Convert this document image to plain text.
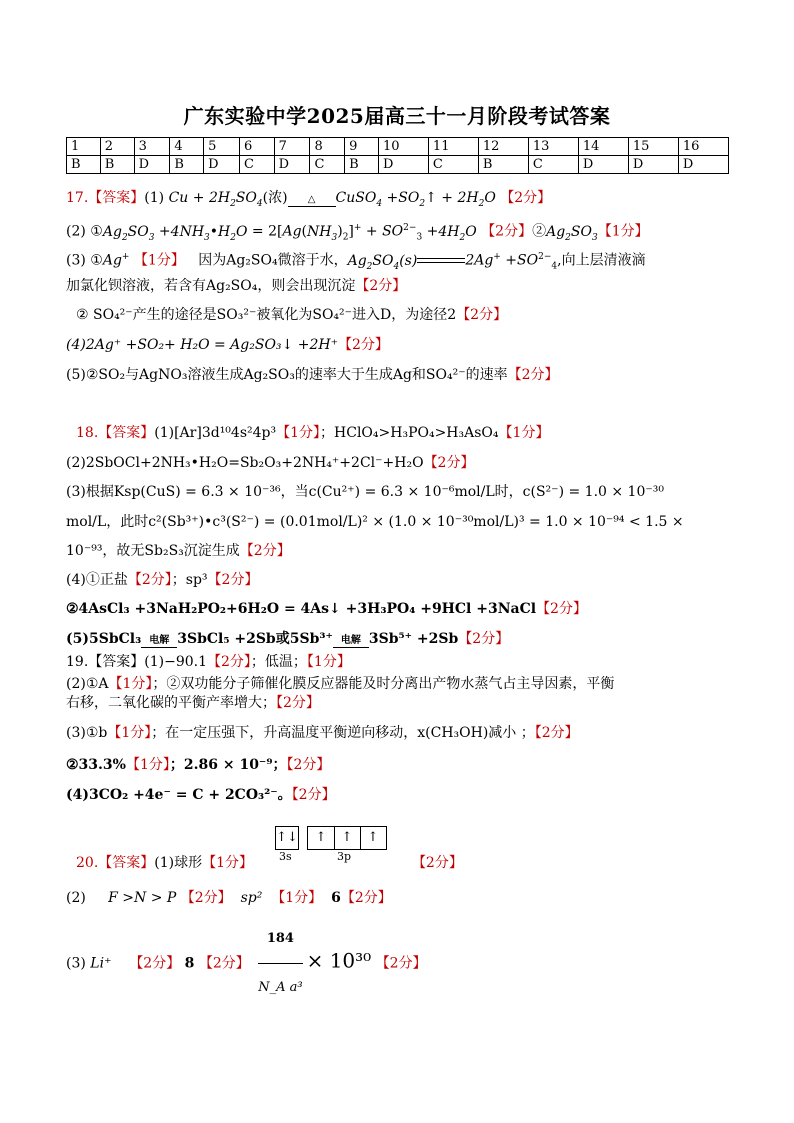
广东实验中学2025届高三十一月阶段考试答案
1	2	3	4	5	6	7	8	9	10	11	12	13	14	15	16
B	B	D	B	D	C	D	C	B	D	C	B	C	D	D	D
17.【答案】(1) $Cu + 2H_2SO_4$(浓)	△	CuSO$_4$ $+SO_2↑ + 2H_2O$ 【2分】
(2) $①Ag_2SO_3$ $+4NH_3•H_2O = 2[Ag(NH_3)_2]^+ + SO^{2-}_3 +4H_2O$ 【2分】$②Ag_2SO_3$【1分】
(3) ①Ag+ 【1分】 因为Ag₂SO₄微溶于水，$Ag_2SO_4(s)$	$2Ag^+ +SO^{2-}_4$,向上层清液滴
加氯化钡溶液，若含有Ag₂SO₄，则会出现沉淀【2分】
② SO₄²⁻产生的途径是SO₃²⁻被氧化为SO₄²⁻进入D，为途径2【2分】
(4)2Ag⁺ +SO₂+ H₂O = Ag₂SO₃↓ +2H⁺【2分】
(5)②SO₂与AgNO₃溶液生成Ag₂SO₃的速率大于生成Ag和SO₄²⁻的速率【2分】
18.【答案】(1)[Ar]3d¹⁰4s²4p³【1分】；HClO₄>H₃PO₄>H₃AsO₄【1分】
(2)2SbOCl+2NH₃•H₂O=Sb₂O₃+2NH₄⁺+2Cl⁻+H₂O【2分】
(3)根据Ksp(CuS) = 6.3 × 10⁻³⁶，当c(Cu²⁺) = 6.3 × 10⁻⁶mol/L时，c(S²⁻) = 1.0 × 10⁻³⁰
mol/L，此时c²(Sb³⁺)•c³(S²⁻) = (0.01mol/L)² × (1.0 × 10⁻³⁰mol/L)³ = 1.0 × 10⁻⁹⁴ < 1.5 ×
10⁻⁹³，故无Sb₂S₃沉淀生成【2分】
(4)①正盐【2分】；sp³【2分】
②4AsCl₃ +3NaH₂PO₂+6H₂O = 4As↓ +3H₃PO₄ +9HCl +3NaCl【2分】
(5)5SbCl₃ 电解 3SbCl₅ +2Sb或5Sb³⁺ 电解 3Sb⁵⁺ +2Sb【2分】
19.【答案】(1)−90.1【2分】；低温；【1分】
(2)①A【1分】；②双功能分子筛催化膜反应器能及时分离出产物水蒸气占主导因素，平衡
右移，二氧化碳的平衡产率增大；【2分】
(3)①b【1分】；在一定压强下，升高温度平衡逆向移动，x(CH₃OH)减小 ；【2分】
②33.3%【1分】；2.86 × 10⁻⁹；【2分】
(4)3CO₂ +4e⁻ = C + 2CO₃²⁻。【2分】
↑↓	↑	↑	↑
3s	3p
20.【答案】(1)球形【1分】	【2分】
(2) F >N > P 【2分】 sp² 【1分】 6【2分】
(3) Li⁺ 【2分】 8 【2分】 $\frac{184}{\text{N\_A a³}} \times 10^{30}$ 【2分】
